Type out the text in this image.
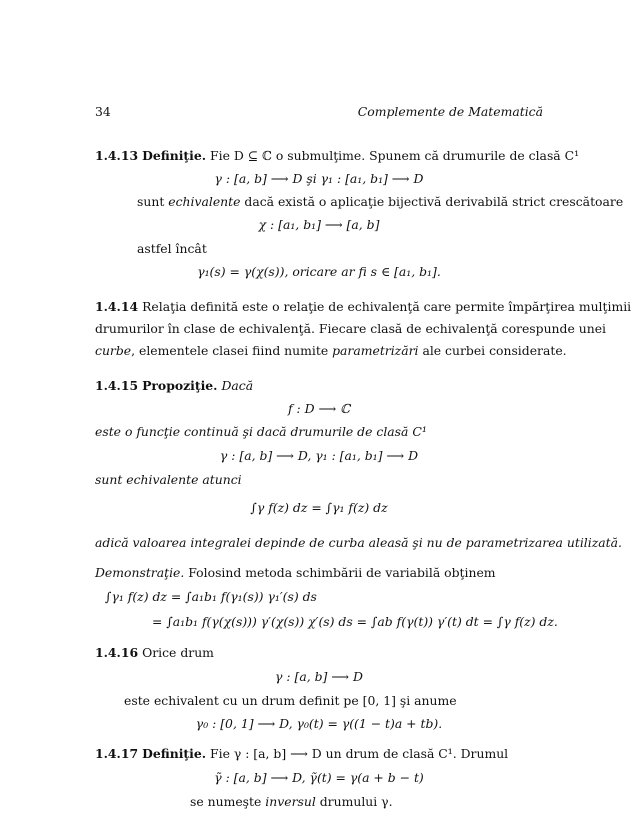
34	Complemente de Matematică
1.4.13 Definiţie. Fie D ⊆ ℂ o submulţime. Spunem că drumurile de clasă C¹
γ : [a, b] ⟶ D şi γ₁ : [a₁, b₁] ⟶ D
sunt echivalente dacă există o aplicaţie bijectivă derivabilă strict crescătoare
χ : [a₁, b₁] ⟶ [a, b]
astfel încât
γ₁(s) = γ(χ(s)), oricare ar fi s ∈ [a₁, b₁].
1.4.14 Relaţia definită este o relaţie de echivalenţă care permite împărţirea mulţimii
drumurilor în clase de echivalenţă. Fiecare clasă de echivalenţă corespunde unei
curbe, elementele clasei fiind numite parametrizări ale curbei considerate.
1.4.15 Propoziţie. Dacă
f : D ⟶ ℂ
este o funcţie continuă şi dacă drumurile de clasă C¹
γ : [a, b] ⟶ D, γ₁ : [a₁, b₁] ⟶ D
sunt echivalente atunci
∫γ f(z) dz = ∫γ₁ f(z) dz
adică valoarea integralei depinde de curba aleasă şi nu de parametrizarea utilizată.
Demonstraţie. Folosind metoda schimbării de variabilă obţinem
∫γ₁ f(z) dz = ∫a₁b₁ f(γ₁(s)) γ₁′(s) ds
= ∫a₁b₁ f(γ(χ(s))) γ′(χ(s)) χ′(s) ds = ∫ab f(γ(t)) γ′(t) dt = ∫γ f(z) dz.
1.4.16 Orice drum
γ : [a, b] ⟶ D
este echivalent cu un drum definit pe [0, 1] şi anume
γ₀ : [0, 1] ⟶ D, γ₀(t) = γ((1 − t)a + tb).
1.4.17 Definiţie. Fie γ : [a, b] ⟶ D un drum de clasă C¹. Drumul
γ̃ : [a, b] ⟶ D, γ̃(t) = γ(a + b − t)
se numeşte inversul drumului γ.
